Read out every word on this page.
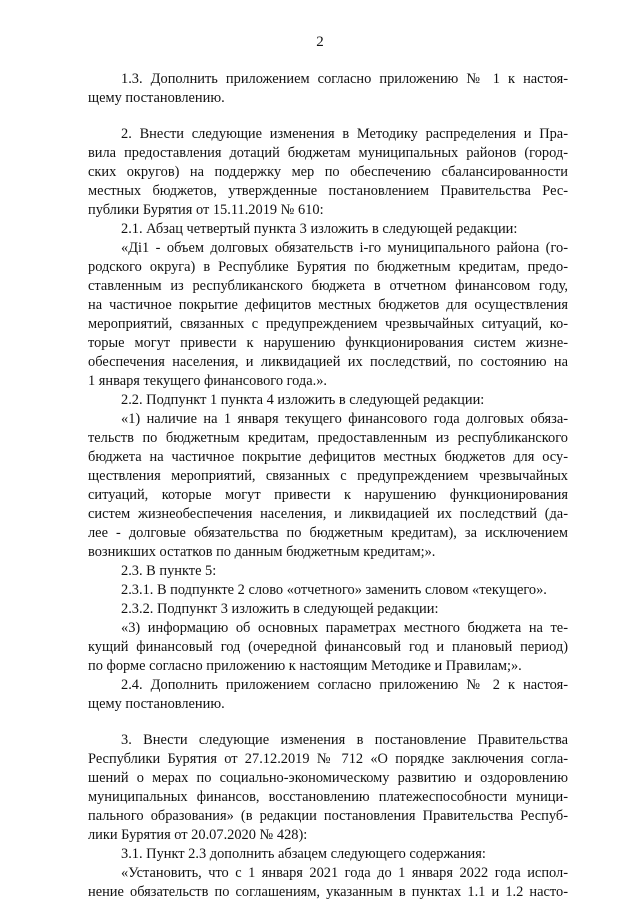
2
1.3. Дополнить приложением согласно приложению № 1 к настоя-
щему постановлению.
2. Внести следующие изменения в Методику распределения и Пра-
вила предоставления дотаций бюджетам муниципальных районов (город-
ских округов) на поддержку мер по обеспечению сбалансированности
местных бюджетов, утвержденные постановлением Правительства Рес-
публики Бурятия от 15.11.2019 № 610:
2.1. Абзац четвертый пункта 3 изложить в следующей редакции:
«Дi1 - объем долговых обязательств i-го муниципального района (го-
родского округа) в Республике Бурятия по бюджетным кредитам, предо-
ставленным из республиканского бюджета в отчетном финансовом году,
на частичное покрытие дефицитов местных бюджетов для осуществления
мероприятий, связанных с предупреждением чрезвычайных ситуаций, ко-
торые могут привести к нарушению функционирования систем жизне-
обеспечения населения, и ликвидацией их последствий, по состоянию на
1 января текущего финансового года.».
2.2. Подпункт 1 пункта 4 изложить в следующей редакции:
«1) наличие на 1 января текущего финансового года долговых обяза-
тельств по бюджетным кредитам, предоставленным из республиканского
бюджета на частичное покрытие дефицитов местных бюджетов для осу-
ществления мероприятий, связанных с предупреждением чрезвычайных
ситуаций, которые могут привести к нарушению функционирования
систем жизнеобеспечения населения, и ликвидацией их последствий (да-
лее - долговые обязательства по бюджетным кредитам), за исключением
возникших остатков по данным бюджетным кредитам;».
2.3. В пункте 5:
2.3.1. В подпункте 2 слово «отчетного» заменить словом «текущего».
2.3.2. Подпункт 3 изложить в следующей редакции:
«3) информацию об основных параметрах местного бюджета на те-
кущий финансовый год (очередной финансовый год и плановый период)
по форме согласно приложению к настоящим Методике и Правилам;».
2.4. Дополнить приложением согласно приложению № 2 к настоя-
щему постановлению.
3. Внести следующие изменения в постановление Правительства
Республики Бурятия от 27.12.2019 № 712 «О порядке заключения согла-
шений о мерах по социально-экономическому развитию и оздоровлению
муниципальных финансов, восстановлению платежеспособности муници-
пального образования» (в редакции постановления Правительства Респуб-
лики Бурятия от 20.07.2020 № 428):
3.1. Пункт 2.3 дополнить абзацем следующего содержания:
«Установить, что с 1 января 2021 года до 1 января 2022 года испол-
нение обязательств по соглашениям, указанным в пунктах 1.1 и 1.2 насто-
